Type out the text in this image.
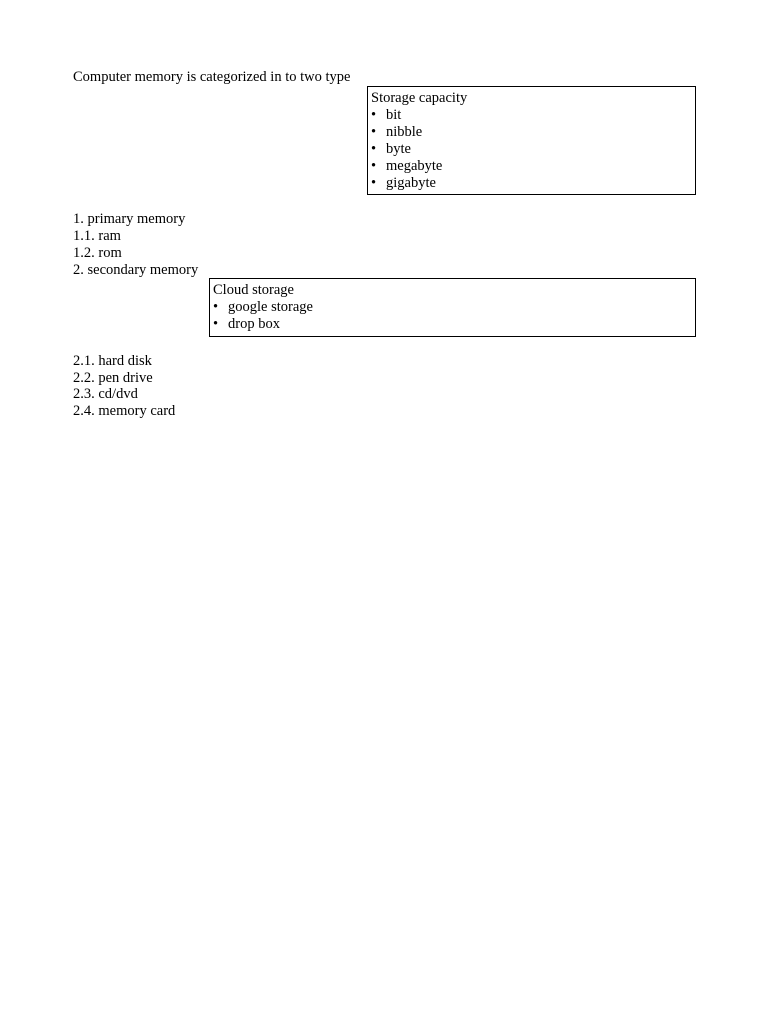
Computer memory is categorized in to two type
Storage capacity
• bit
• nibble
• byte
• megabyte
• gigabyte
1. primary memory
1.1. ram
1.2. rom
2. secondary memory
Cloud storage
• google storage
• drop box
2.1. hard disk
2.2. pen drive
2.3. cd/dvd
2.4. memory card
